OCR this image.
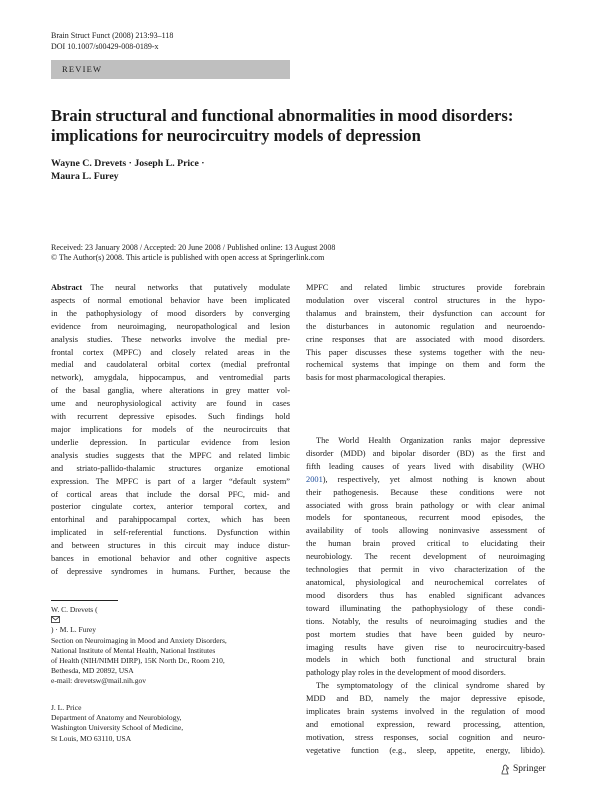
Brain Struct Funct (2008) 213:93–118
DOI 10.1007/s00429-008-0189-x
REVIEW
Brain structural and functional abnormalities in mood disorders:
implications for neurocircuitry models of depression
Wayne C. Drevets · Joseph L. Price ·
Maura L. Furey
Received: 23 January 2008 / Accepted: 20 June 2008 / Published online: 13 August 2008
© The Author(s) 2008. This article is published with open access at Springerlink.com
Abstract  The neural networks that putatively modulate
aspects of normal emotional behavior have been implicated
in the pathophysiology of mood disorders by converging
evidence from neuroimaging, neuropathological and lesion
analysis studies. These networks involve the medial pre-
frontal cortex (MPFC) and closely related areas in the
medial and caudolateral orbital cortex (medial prefrontal
network), amygdala, hippocampus, and ventromedial parts
of the basal ganglia, where alterations in grey matter vol-
ume and neurophysiological activity are found in cases
with recurrent depressive episodes. Such findings hold
major implications for models of the neurocircuits that
underlie depression. In particular evidence from lesion
analysis studies suggests that the MPFC and related limbic
and striato-pallido-thalamic structures organize emotional
expression. The MPFC is part of a larger “default system”
of cortical areas that include the dorsal PFC, mid- and
posterior cingulate cortex, anterior temporal cortex, and
entorhinal and parahippocampal cortex, which has been
implicated in self-referential functions. Dysfunction within
and between structures in this circuit may induce distur-
bances in emotional behavior and other cognitive aspects
of depressive syndromes in humans. Further, because the
MPFC and related limbic structures provide forebrain
modulation over visceral control structures in the hypo-
thalamus and brainstem, their dysfunction can account for
the disturbances in autonomic regulation and neuroendo-
crine responses that are associated with mood disorders.
This paper discusses these systems together with the neu-
rochemical systems that impinge on them and form the
basis for most pharmacological therapies.
The World Health Organization ranks major depressive
disorder (MDD) and bipolar disorder (BD) as the first and
fifth leading causes of years lived with disability (WHO
2001), respectively, yet almost nothing is known about
their pathogenesis. Because these conditions were not
associated with gross brain pathology or with clear animal
models for spontaneous, recurrent mood episodes, the
availability of tools allowing noninvasive assessment of
the human brain proved critical to elucidating their
neurobiology. The recent development of neuroimaging
technologies that permit in vivo characterization of the
anatomical, physiological and neurochemical correlates of
mood disorders thus has enabled significant advances
toward illuminating the pathophysiology of these condi-
tions. Notably, the results of neuroimaging studies and the
post mortem studies that have been guided by neuro-
imaging results have given rise to neurocircuitry-based
models in which both functional and structural brain
pathology play roles in the development of mood disorders.
The symptomatology of the clinical syndrome shared by
MDD and BD, namely the major depressive episode,
implicates brain systems involved in the regulation of mood
and emotional expression, reward processing, attention,
motivation, stress responses, social cognition and neuro-
vegetative function (e.g., sleep, appetite, energy, libido).
W. C. Drevets (
) · M. L. Furey
Section on Neuroimaging in Mood and Anxiety Disorders,
National Institute of Mental Health, National Institutes
of Health (NIH/NIMH DIRP), 15K North Dr., Room 210,
Bethesda, MD 20892, USA
e-mail: drevetsw@mail.nih.gov
J. L. Price
Department of Anatomy and Neurobiology,
Washington University School of Medicine,
St Louis, MO 63110, USA
Springer
